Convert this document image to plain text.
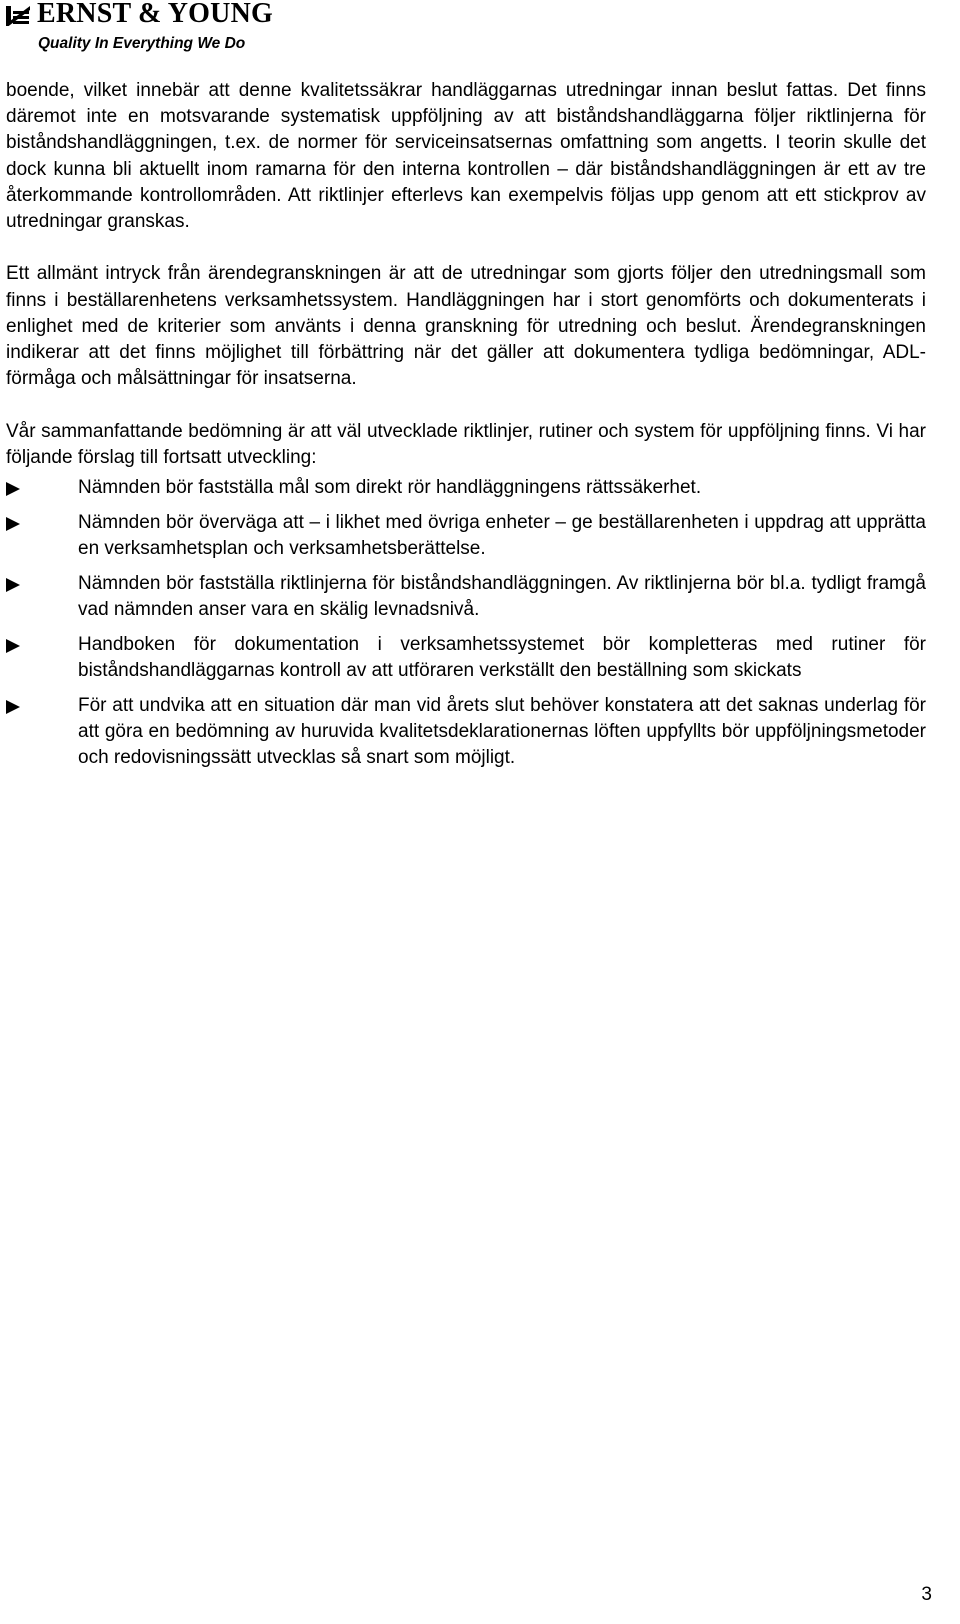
ERNST & YOUNG
Quality In Everything We Do

boende, vilket innebär att denne kvalitetssäkrar handläggarnas utredningar innan beslut fattas. Det finns däremot inte en motsvarande systematisk uppföljning av att biståndshandläggarna följer riktlinjerna för biståndshandläggningen, t.ex. de normer för serviceinsatsernas omfattning som angetts. I teorin skulle det dock kunna bli aktuellt inom ramarna för den interna kontrollen – där biståndshandläggningen är ett av tre återkommande kontrollområden. Att riktlinjer efterlevs kan exempelvis följas upp genom att ett stickprov av utredningar granskas.

Ett allmänt intryck från ärendegranskningen är att de utredningar som gjorts följer den utredningsmall som finns i beställarenhetens verksamhetssystem. Handläggningen har i stort genomförts och dokumenterats i enlighet med de kriterier som använts i denna granskning för utredning och beslut. Ärendegranskningen indikerar att det finns möjlighet till förbättring när det gäller att dokumentera tydliga bedömningar, ADL-förmåga och målsättningar för insatserna.

Vår sammanfattande bedömning är att väl utvecklade riktlinjer, rutiner och system för uppföljning finns. Vi har följande förslag till fortsatt utveckling:

Nämnden bör fastställa mål som direkt rör handläggningens rättssäkerhet.
Nämnden bör överväga att – i likhet med övriga enheter – ge beställarenheten i uppdrag att upprätta en verksamhetsplan och verksamhetsberättelse.
Nämnden bör fastställa riktlinjerna för biståndshandläggningen. Av riktlinjerna bör bl.a. tydligt framgå vad nämnden anser vara en skälig levnadsnivå.
Handboken för dokumentation i verksamhetssystemet bör kompletteras med rutiner för biståndshandläggarnas kontroll av att utföraren verkställt den beställning som skickats
För att undvika att en situation där man vid årets slut behöver konstatera att det saknas underlag för att göra en bedömning av huruvida kvalitetsdeklarationernas löften uppfyllts bör uppföljningsmetoder och redovisningssätt utvecklas så snart som möjligt.
3
